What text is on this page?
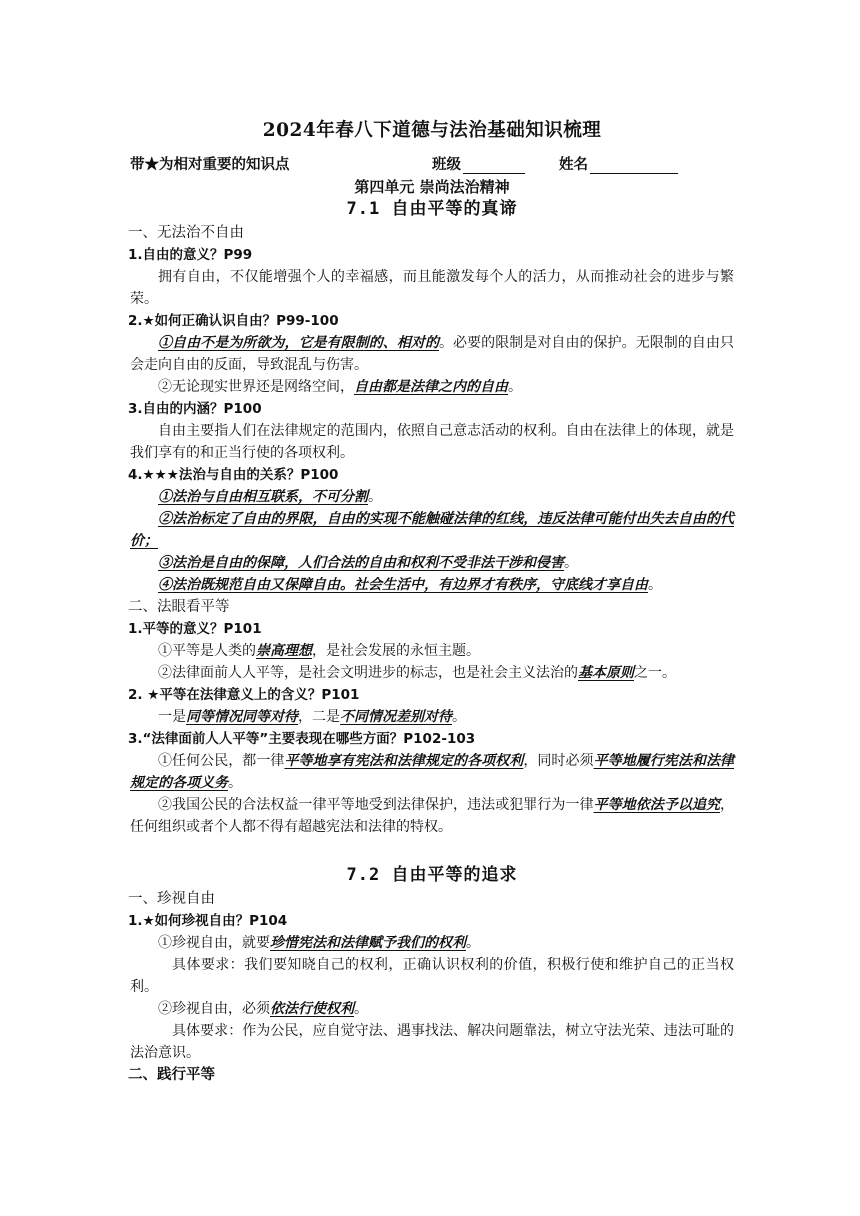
2024年春八下道德与法治基础知识梳理
带★为相对重要的知识点	班级	姓名
第四单元 崇尚法治精神
7.1 自由平等的真谛
一、无法治不自由
1.自由的意义？P99
拥有自由，不仅能增强个人的幸福感，而且能激发每个人的活力，从而推动社会的进步与繁荣。
2.★如何正确认识自由？P99-100
①自由不是为所欲为，它是有限制的、相对的。必要的限制是对自由的保护。无限制的自由只会走向自由的反面，导致混乱与伤害。
②无论现实世界还是网络空间，自由都是法律之内的自由。
3.自由的内涵？P100
自由主要指人们在法律规定的范围内，依照自己意志活动的权利。自由在法律上的体现，就是我们享有的和正当行使的各项权利。
4.★★★法治与自由的关系？P100
①法治与自由相互联系，不可分割。
②法治标定了自由的界限，自由的实现不能触碰法律的红线，违反法律可能付出失去自由的代价；
③法治是自由的保障，人们合法的自由和权利不受非法干涉和侵害。
④法治既规范自由又保障自由。社会生活中，有边界才有秩序，守底线才享自由。
二、法眼看平等
1.平等的意义？P101
①平等是人类的崇高理想，是社会发展的永恒主题。
②法律面前人人平等，是社会文明进步的标志，也是社会主义法治的基本原则之一。
2. ★平等在法律意义上的含义？P101
一是同等情况同等对待，二是不同情况差别对待。
3.“法律面前人人平等”主要表现在哪些方面？P102-103
①任何公民，都一律平等地享有宪法和法律规定的各项权利，同时必须平等地履行宪法和法律规定的各项义务。
②我国公民的合法权益一律平等地受到法律保护，违法或犯罪行为一律平等地依法予以追究，任何组织或者个人都不得有超越宪法和法律的特权。
7.2 自由平等的追求
一、珍视自由
1.★如何珍视自由？P104
①珍视自由，就要珍惜宪法和法律赋予我们的权利。
具体要求：我们要知晓自己的权利，正确认识权利的价值，积极行使和维护自己的正当权利。
②珍视自由，必须依法行使权利。
具体要求：作为公民，应自觉守法、遇事找法、解决问题靠法，树立守法光荣、违法可耻的法治意识。
二、践行平等
